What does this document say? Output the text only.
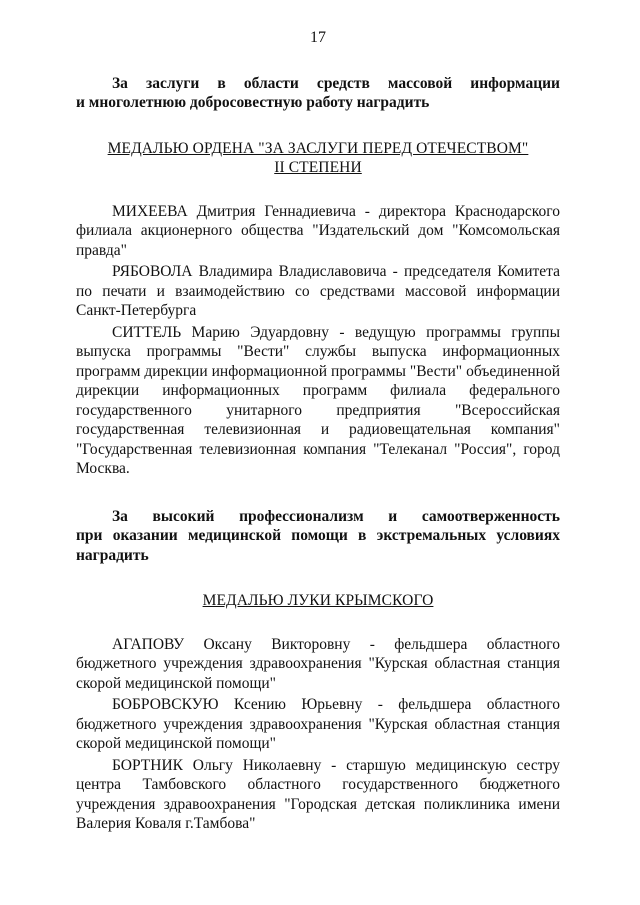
17
За заслуги в области средств массовой информации
и многолетнюю добросовестную работу наградить
МЕДАЛЬЮ ОРДЕНА "ЗА ЗАСЛУГИ ПЕРЕД ОТЕЧЕСТВОМ"
II СТЕПЕНИ

МИХЕЕВА Дмитрия Геннадиевича - директора Краснодарского филиала акционерного общества "Издательский дом "Комсомольская правда"

РЯБОВОЛА Владимира Владиславовича - председателя Комитета по печати и взаимодействию со средствами массовой информации Санкт-Петербурга

СИТТЕЛЬ Марию Эдуардовну - ведущую программы группы выпуска программы "Вести" службы выпуска информационных программ дирекции информационной программы "Вести" объединенной дирекции информационных программ филиала федерального государственного унитарного предприятия "Всероссийская государственная телевизионная и радиовещательная компания" "Государственная телевизионная компания "Телеканал "Россия", город Москва.

За высокий профессионализм и самоотверженность
при оказании медицинской помощи в экстремальных условиях наградить
МЕДАЛЬЮ ЛУКИ КРЫМСКОГО

АГАПОВУ Оксану Викторовну - фельдшера областного бюджетного учреждения здравоохранения "Курская областная станция скорой медицинской помощи"

БОБРОВСКУЮ Ксению Юрьевну - фельдшера областного бюджетного учреждения здравоохранения "Курская областная станция скорой медицинской помощи"

БОРТНИК Ольгу Николаевну - старшую медицинскую сестру центра Тамбовского областного государственного бюджетного учреждения здравоохранения "Городская детская поликлиника имени Валерия Коваля г.Тамбова"
